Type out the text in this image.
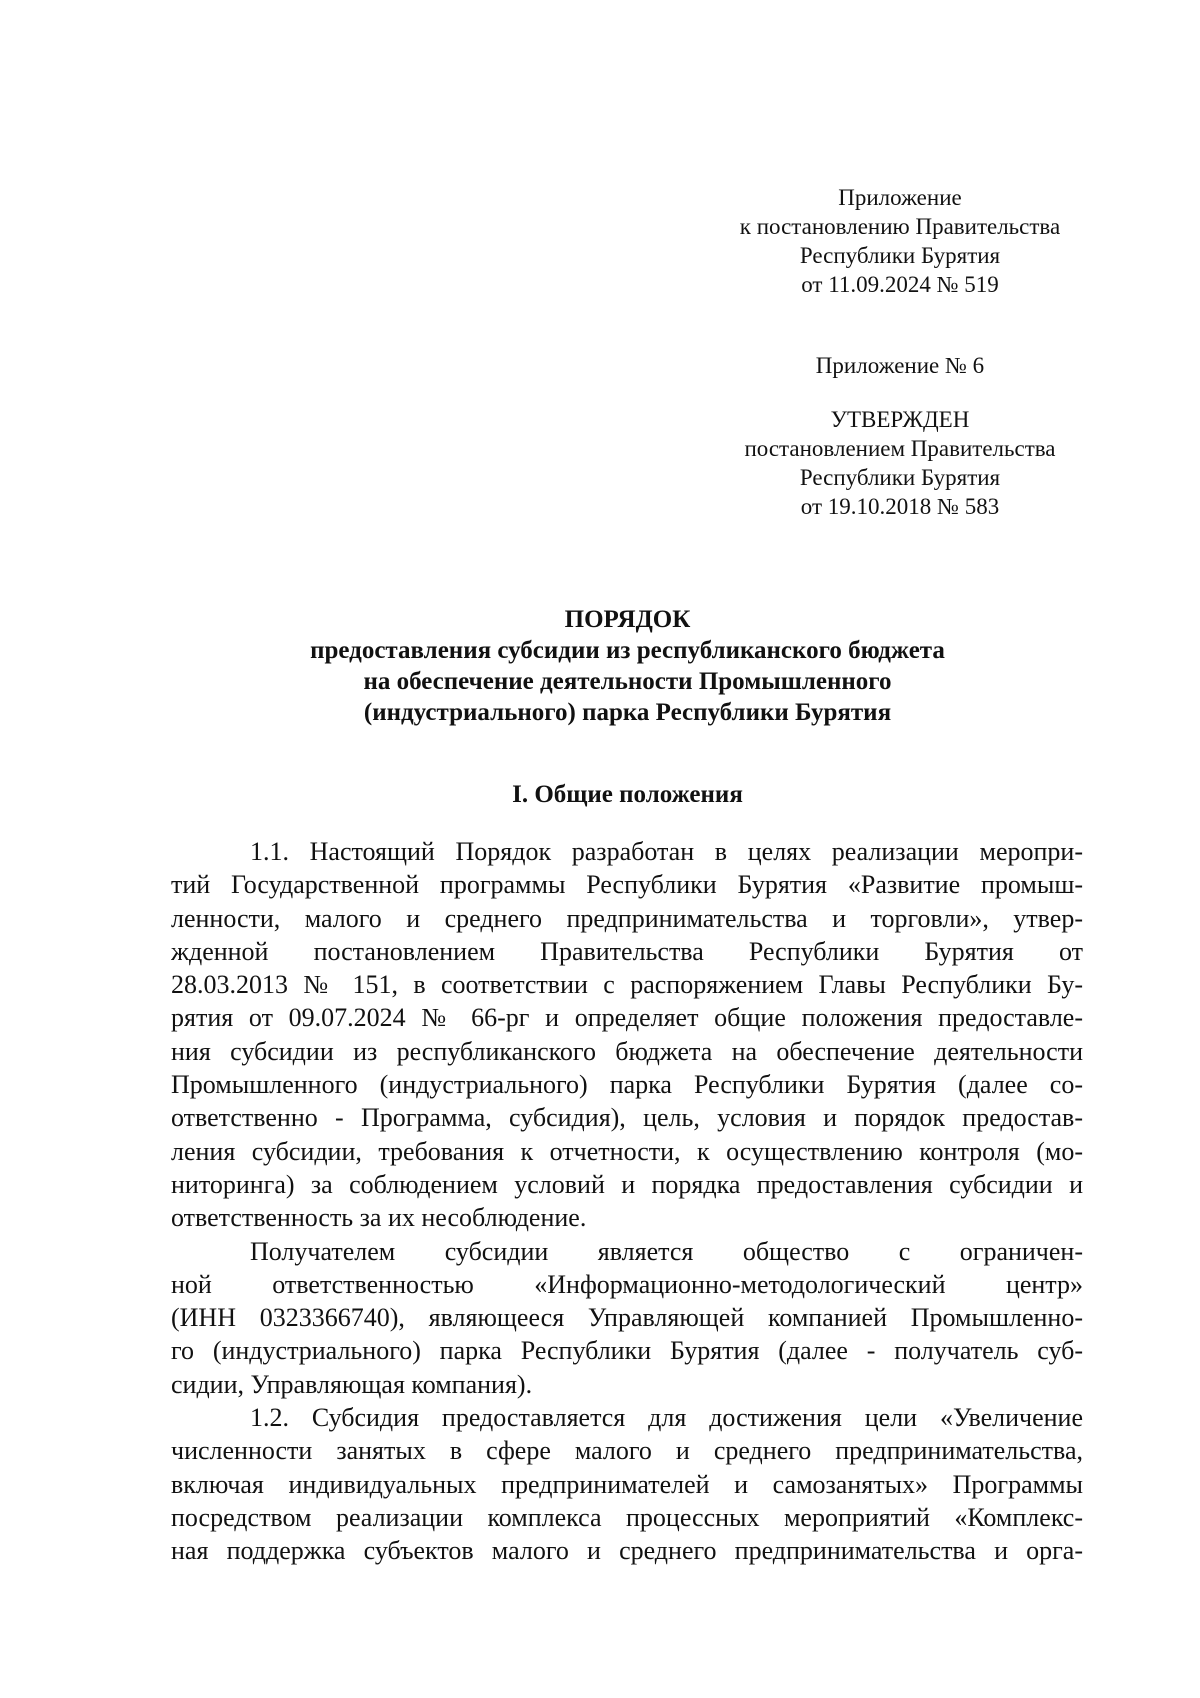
Приложение
к постановлению Правительства
Республики Бурятия
от 11.09.2024 № 519
Приложение № 6
УТВЕРЖДЕН
постановлением Правительства
Республики Бурятия
от 19.10.2018 № 583
ПОРЯДОК
предоставления субсидии из республиканского бюджета
на обеспечение деятельности Промышленного
(индустриального) парка Республики Бурятия
I. Общие положения
1.1. Настоящий Порядок разработан в целях реализации меропри-
тий Государственной программы Республики Бурятия «Развитие промыш-
ленности, малого и среднего предпринимательства и торговли», утвер-
жденной постановлением Правительства Республики Бурятия от
28.03.2013 № 151, в соответствии с распоряжением Главы Республики Бу-
рятия от 09.07.2024 № 66-рг и определяет общие положения предоставле-
ния субсидии из республиканского бюджета на обеспечение деятельности
Промышленного (индустриального) парка Республики Бурятия (далее со-
ответственно - Программа, субсидия), цель, условия и порядок предостав-
ления субсидии, требования к отчетности, к осуществлению контроля (мо-
ниторинга) за соблюдением условий и порядка предоставления субсидии и
ответственность за их несоблюдение.
Получателем субсидии является общество с ограничен-
ной ответственностью «Информационно-методологический центр»
(ИНН 0323366740), являющееся Управляющей компанией Промышленно-
го (индустриального) парка Республики Бурятия (далее - получатель суб-
сидии, Управляющая компания).
1.2. Субсидия предоставляется для достижения цели «Увеличение
численности занятых в сфере малого и среднего предпринимательства,
включая индивидуальных предпринимателей и самозанятых» Программы
посредством реализации комплекса процессных мероприятий «Комплекс-
ная поддержка субъектов малого и среднего предпринимательства и орга-
